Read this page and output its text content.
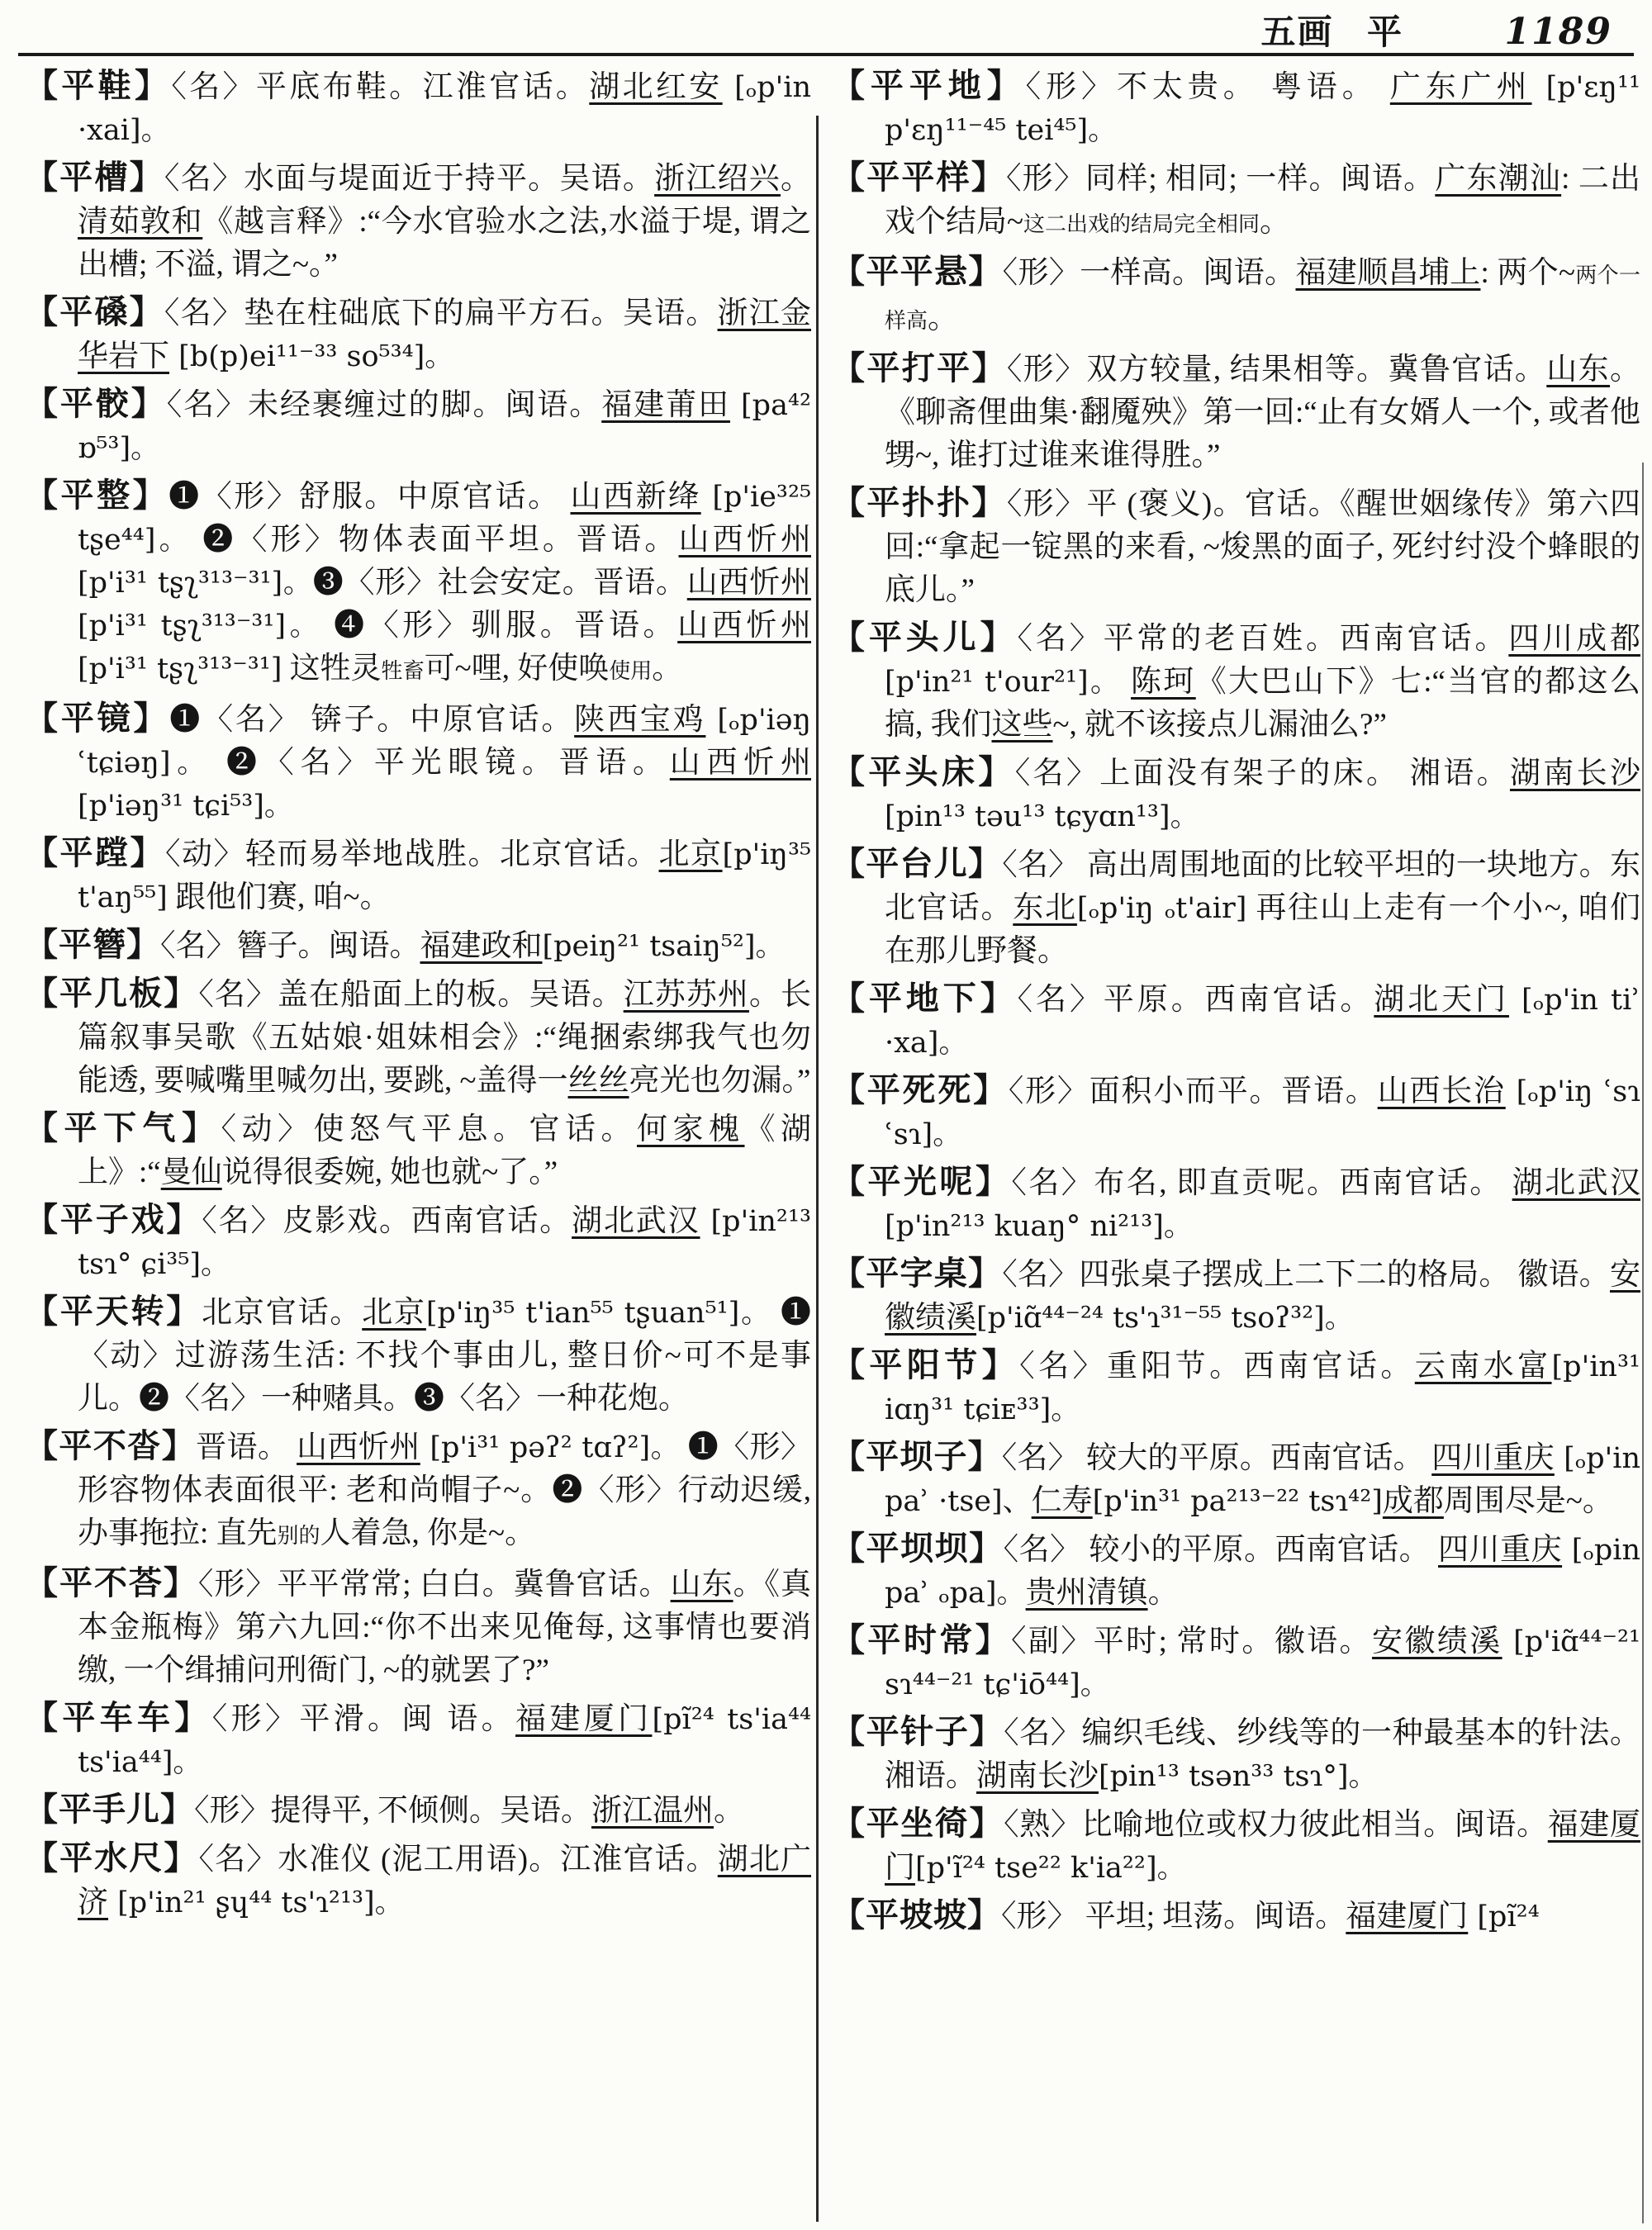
五画 平	1189

【平鞋】〈名〉平底布鞋。江淮官话。湖北红安 [ₒp'in ·xai]。

【平槽】〈名〉水面与堤面近于持平。吴语。浙江绍兴。清茹敦和《越言释》:“今水官验水之法,水溢于堤, 谓之出槽; 不溢, 谓之~。”

【平磉】〈名〉垫在柱础底下的扁平方石。吴语。浙江金华岩下 [b(p)ei¹¹⁻³³ so⁵³⁴]。

【平骹】〈名〉未经裹缠过的脚。闽语。福建莆田 [pa⁴² ɒ⁵³]。

【平整】❶〈形〉舒服。中原官话。 山西新绛 [p'ie³²⁵ tʂe⁴⁴]。 ❷〈形〉物体表面平坦。晋语。山西忻州 [p'i³¹ tʂʅ³¹³⁻³¹]。❸〈形〉社会安定。晋语。山西忻州 [p'i³¹ tʂʅ³¹³⁻³¹]。 ❹〈形〉驯服。晋语。山西忻州 [p'i³¹ tʂʅ³¹³⁻³¹] 这牲灵牲畜可~哩, 好使唤使用。

【平镜】❶〈名〉 锛子。中原官话。陕西宝鸡 [ₒp'iəŋ ʿtɕiəŋ]。 ❷〈名〉平光眼镜。晋语。山西忻州 [p'iəŋ³¹ tɕi⁵³]。

【平蹚】〈动〉轻而易举地战胜。北京官话。北京[p'iŋ³⁵ t'aŋ⁵⁵] 跟他们赛, 咱~。

【平簪】〈名〉簪子。闽语。福建政和[peiŋ²¹ tsaiŋ⁵²]。

【平几板】〈名〉盖在船面上的板。吴语。江苏苏州。长篇叙事吴歌《五姑娘·姐妹相会》:“绳捆索绑我气也勿能透, 要喊嘴里喊勿出, 要跳, ~盖得一丝丝亮光也勿漏。”

【平下气】〈动〉使怒气平息。官话。何家槐《湖上》:“曼仙说得很委婉, 她也就~了。”

【平子戏】〈名〉皮影戏。西南官话。湖北武汉 [p'in²¹³ tsɿ° ɕi³⁵]。

【平天转】北京官话。北京[p'iŋ³⁵ t'ian⁵⁵ tʂuan⁵¹]。 ❶〈动〉过游荡生活: 不找个事由儿, 整日价~可不是事儿。❷〈名〉一种赌具。❸〈名〉一种花炮。

【平不沓】晋语。 山西忻州 [p'i³¹ pəʔ² tɑʔ²]。 ❶〈形〉形容物体表面很平: 老和尚帽子~。❷〈形〉行动迟缓, 办事拖拉: 直先别的人着急, 你是~。

【平不荅】〈形〉平平常常; 白白。冀鲁官话。山东。《真本金瓶梅》第六九回:“你不出来见俺每, 这事情也要消缴, 一个缉捕问刑衙门, ~的就罢了?”

【平车车】〈形〉平滑。闽 语。福建厦门[pĩ²⁴ ts'ia⁴⁴ ts'ia⁴⁴]。

【平手儿】〈形〉提得平, 不倾侧。吴语。浙江温州。

【平水尺】〈名〉水准仪 (泥工用语)。江淮官话。湖北广济 [p'in²¹ ʂɥ⁴⁴ ts'ɿ²¹³]。

【平平地】〈形〉不太贵。 粤语。 广东广州 [p'ɛŋ¹¹ p'ɛŋ¹¹⁻⁴⁵ tei⁴⁵]。

【平平样】〈形〉同样; 相同; 一样。闽语。广东潮汕: 二出戏个结局~这二出戏的结局完全相同。

【平平悬】〈形〉一样高。闽语。福建顺昌埔上: 两个~两个一样高。

【平打平】〈形〉双方较量, 结果相等。冀鲁官话。山东。《聊斋俚曲集·翻魇殃》第一回:“止有女婿人一个, 或者他甥~, 谁打过谁来谁得胜。”

【平扑扑】〈形〉平 (褒义)。官话。《醒世姻缘传》第六四回:“拿起一锭黑的来看, ~焌黑的面子, 死纣纣没个蜂眼的底儿。”

【平头儿】〈名〉平常的老百姓。西南官话。四川成都 [p'in²¹ t'our²¹]。 陈珂《大巴山下》七:“当官的都这么搞, 我们这些~, 就不该接点儿漏油么?”

【平头床】〈名〉上面没有架子的床。 湘语。湖南长沙 [pin¹³ təu¹³ tɕyɑn¹³]。

【平台儿】〈名〉 高出周围地面的比较平坦的一块地方。东北官话。东北[ₒp'iŋ ₒt'air] 再往山上走有一个小~, 咱们在那儿野餐。

【平地下】〈名〉平原。西南官话。湖北天门 [ₒp'in tiʾ ·xa]。

【平死死】〈形〉面积小而平。晋语。山西长治 [ₒp'iŋ ʿsɿ ʿsɿ]。

【平光呢】〈名〉布名, 即直贡呢。西南官话。 湖北武汉[p'in²¹³ kuaŋ° ni²¹³]。

【平字桌】〈名〉四张桌子摆成上二下二的格局。 徽语。安徽绩溪[p'iɑ̃⁴⁴⁻²⁴ ts'ɿ³¹⁻⁵⁵ tsoʔ³²]。

【平阳节】〈名〉重阳节。西南官话。云南水富[p'in³¹ iɑŋ³¹ tɕiᴇ³³]。

【平坝子】〈名〉 较大的平原。西南官话。 四川重庆 [ₒp'in paʾ ·tse]、仁寿[p'in³¹ pa²¹³⁻²² tsɿ⁴²]成都周围尽是~。

【平坝坝】〈名〉 较小的平原。西南官话。 四川重庆 [ₒpin paʾ ₒpa]。贵州清镇。

【平时常】〈副〉平时; 常时。徽语。安徽绩溪 [p'iɑ̃⁴⁴⁻²¹ sɿ⁴⁴⁻²¹ tɕ'iō⁴⁴]。

【平针子】〈名〉编织毛线、纱线等的一种最基本的针法。湘语。湖南长沙[pin¹³ tsən³³ tsɿ°]。

【平坐徛】〈熟〉比喻地位或权力彼此相当。闽语。福建厦门[p'ĩ²⁴ tse²² k'ia²²]。

【平坡坡】〈形〉 平坦; 坦荡。闽语。福建厦门 [pĩ²⁴
